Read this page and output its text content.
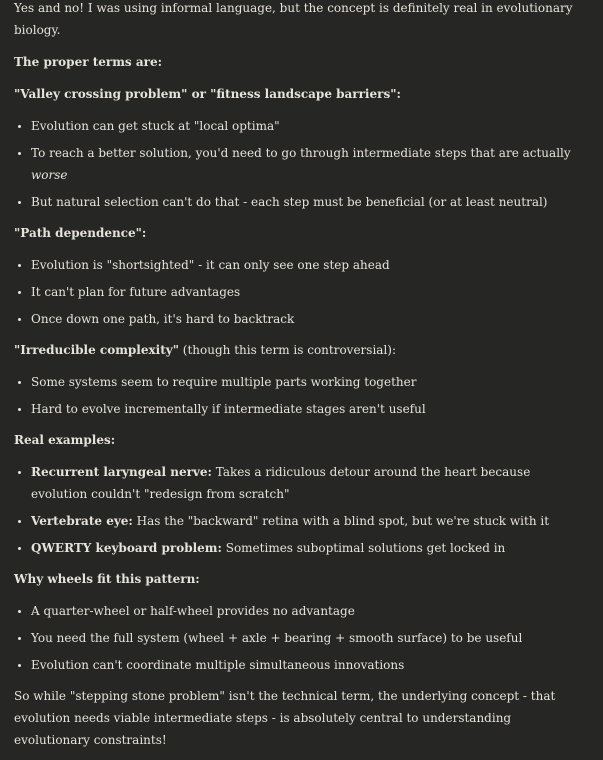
Yes and no! I was using informal language, but the concept is definitely real in evolutionary biology.

The proper terms are:

"Valley crossing problem" or "fitness landscape barriers":

Evolution can get stuck at "local optima"
To reach a better solution, you'd need to go through intermediate steps that are actually
worse
But natural selection can't do that - each step must be beneficial (or at least neutral)

"Path dependence":

Evolution is "shortsighted" - it can only see one step ahead
It can't plan for future advantages
Once down one path, it's hard to backtrack

"Irreducible complexity" (though this term is controversial):

Some systems seem to require multiple parts working together
Hard to evolve incrementally if intermediate stages aren't useful

Real examples:

Recurrent laryngeal nerve: Takes a ridiculous detour around the heart because evolution couldn't "redesign from scratch"
Vertebrate eye: Has the "backward" retina with a blind spot, but we're stuck with it
QWERTY keyboard problem: Sometimes suboptimal solutions get locked in

Why wheels fit this pattern:

A quarter-wheel or half-wheel provides no advantage
You need the full system (wheel + axle + bearing + smooth surface) to be useful
Evolution can't coordinate multiple simultaneous innovations

So while "stepping stone problem" isn't the technical term, the underlying concept - that evolution needs viable intermediate steps - is absolutely central to understanding evolutionary constraints!
